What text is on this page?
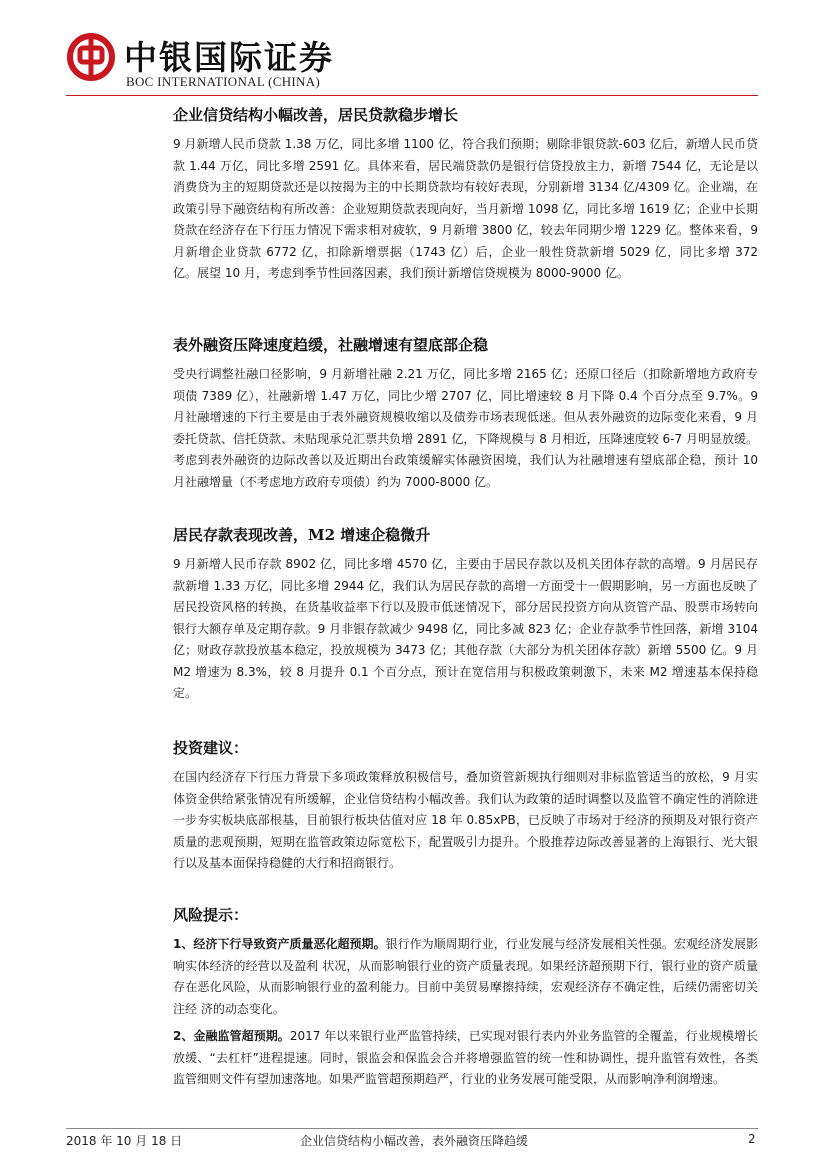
中银国际证券
BOC INTERNATIONAL (CHINA)
企业信贷结构小幅改善，居民贷款稳步增长

9 月新增人民币贷款 1.38 万亿，同比多增 1100 亿，符合我们预期；剔除非银贷款-603 亿后，新增人民币贷款 1.44 万亿，同比多增 2591 亿。具体来看，居民端贷款仍是银行信贷投放主力，新增 7544 亿，无论是以消费贷为主的短期贷款还是以按揭为主的中长期贷款均有较好表现，分别新增 3134 亿/4309 亿。企业端，在政策引导下融资结构有所改善：企业短期贷款表现向好，当月新增 1098 亿，同比多增 1619 亿；企业中长期贷款在经济存在下行压力情况下需求相对疲软，9 月新增 3800 亿，较去年同期少增 1229 亿。整体来看，9 月新增企业贷款 6772 亿，扣除新增票据（1743 亿）后，企业一般性贷款新增 5029 亿，同比多增 372 亿。展望 10 月，考虑到季节性回落因素，我们预计新增信贷规模为 8000-9000 亿。

表外融资压降速度趋缓，社融增速有望底部企稳

受央行调整社融口径影响，9 月新增社融 2.21 万亿，同比多增 2165 亿；还原口径后（扣除新增地方政府专项债 7389 亿），社融新增 1.47 万亿，同比少增 2707 亿，同比增速较 8 月下降 0.4 个百分点至 9.7%。9 月社融增速的下行主要是由于表外融资规模收缩以及债券市场表现低迷。但从表外融资的边际变化来看，9 月委托贷款、信托贷款、未贴现承兑汇票共负增 2891 亿，下降规模与 8 月相近，压降速度较 6-7 月明显放缓。考虑到表外融资的边际改善以及近期出台政策缓解实体融资困境，我们认为社融增速有望底部企稳，预计 10 月社融增量（不考虑地方政府专项债）约为 7000-8000 亿。

居民存款表现改善，M2 增速企稳微升

9 月新增人民币存款 8902 亿，同比多增 4570 亿，主要由于居民存款以及机关团体存款的高增。9 月居民存款新增 1.33 万亿，同比多增 2944 亿，我们认为居民存款的高增一方面受十一假期影响，另一方面也反映了居民投资风格的转换，在货基收益率下行以及股市低迷情况下，部分居民投资方向从资管产品、股票市场转向银行大额存单及定期存款。9 月非银存款减少 9498 亿，同比多减 823 亿；企业存款季节性回落，新增 3104 亿；财政存款投放基本稳定，投放规模为 3473 亿；其他存款（大部分为机关团体存款）新增 5500 亿。9 月 M2 增速为 8.3%，较 8 月提升 0.1 个百分点，预计在宽信用与积极政策刺激下，未来 M2 增速基本保持稳定。

投资建议：

在国内经济存下行压力背景下多项政策释放积极信号，叠加资管新规执行细则对非标监管适当的放松，9 月实体资金供给紧张情况有所缓解，企业信贷结构小幅改善。我们认为政策的适时调整以及监管不确定性的消除进一步夯实板块底部根基，目前银行板块估值对应 18 年 0.85xPB，已反映了市场对于经济的预期及对银行资产质量的悲观预期，短期在监管政策边际宽松下，配置吸引力提升。个股推荐边际改善显著的上海银行、光大银行以及基本面保持稳健的大行和招商银行。

风险提示：

1、经济下行导致资产质量恶化超预期。银行作为顺周期行业，行业发展与经济发展相关性强。宏观经济发展影响实体经济的经营以及盈利 状况，从而影响银行业的资产质量表现。如果经济超预期下行，银行业的资产质量存在恶化风险，从而影响银行业的盈利能力。目前中美贸易摩擦持续，宏观经济存不确定性，后续仍需密切关注经 济的动态变化。

2、金融监管超预期。2017 年以来银行业严监管持续，已实现对银行表内外业务监管的全覆盖，行业规模增长放缓、“去杠杆”进程提速。同时，银监会和保监会合并将增强监管的统一性和协调性，提升监管有效性，各类监管细则文件有望加速落地。如果严监管超预期趋严，行业的业务发展可能受限，从而影响净利润增速。

2018 年 10 月 18 日	企业信贷结构小幅改善，表外融资压降趋缓	2
